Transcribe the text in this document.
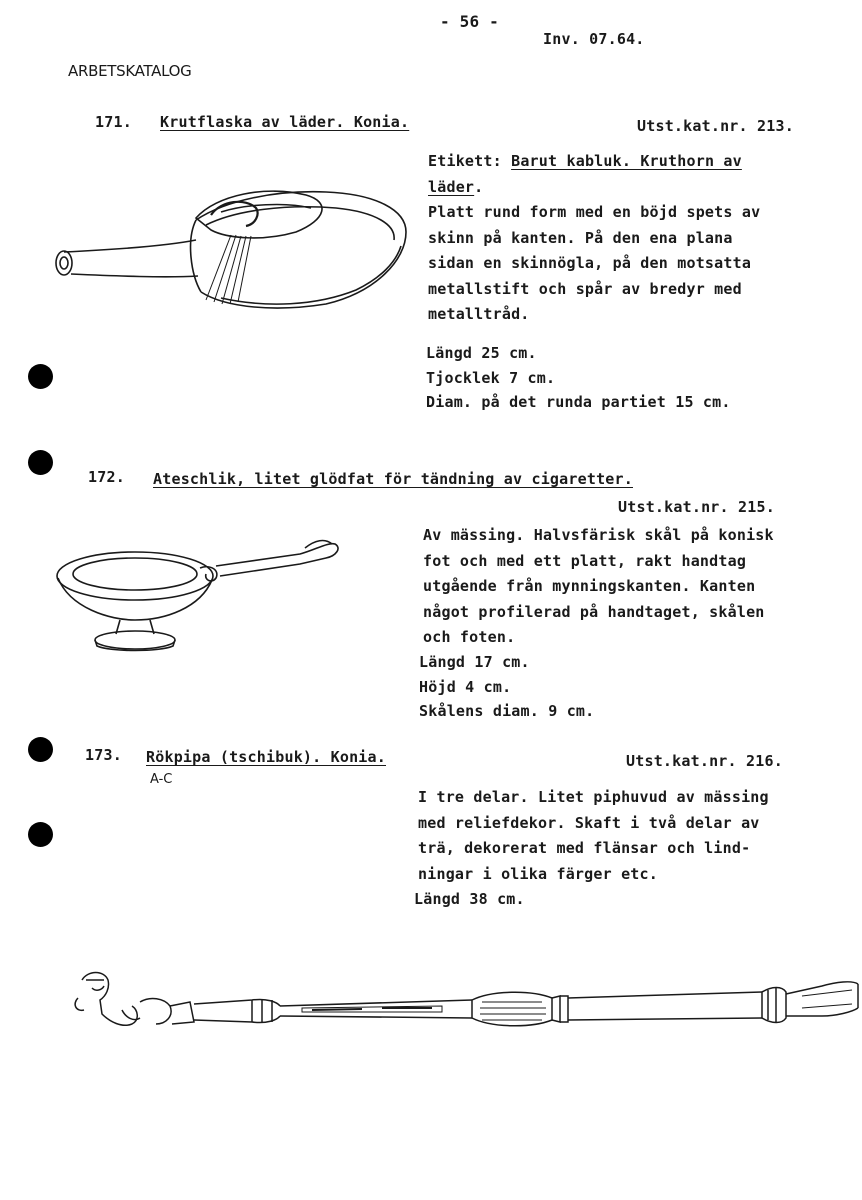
- 56 -
Inv. 07.64.
ARBETSKATALOG
171. Krutflaska av läder. Konia.	Utst.kat.nr. 213.
Etikett: Barut kabluk. Kruthorn av
läder.
Platt rund form med en böjd spets av
skinn på kanten. På den ena plana
sidan en skinnögla, på den motsatta
metallstift och spår av bredyr med
metalltråd.
Längd 25 cm.
Tjocklek 7 cm.
Diam. på det runda partiet 15 cm.
172. Ateschlik, litet glödfat för tändning av cigaretter.
Utst.kat.nr. 215.
Av mässing. Halvsfärisk skål på konisk
fot och med ett platt, rakt handtag
utgående från mynningskanten. Kanten
något profilerad på handtaget, skålen
och foten.
Längd 17 cm.
Höjd 4 cm.
Skålens diam. 9 cm.
173. Rökpipa (tschibuk). Konia.
A-C
Utst.kat.nr. 216.
I tre delar. Litet piphuvud av mässing
med reliefdekor. Skaft i två delar av
trä, dekorerat med flänsar och lind-
ningar i olika färger etc.
Längd 38 cm.
